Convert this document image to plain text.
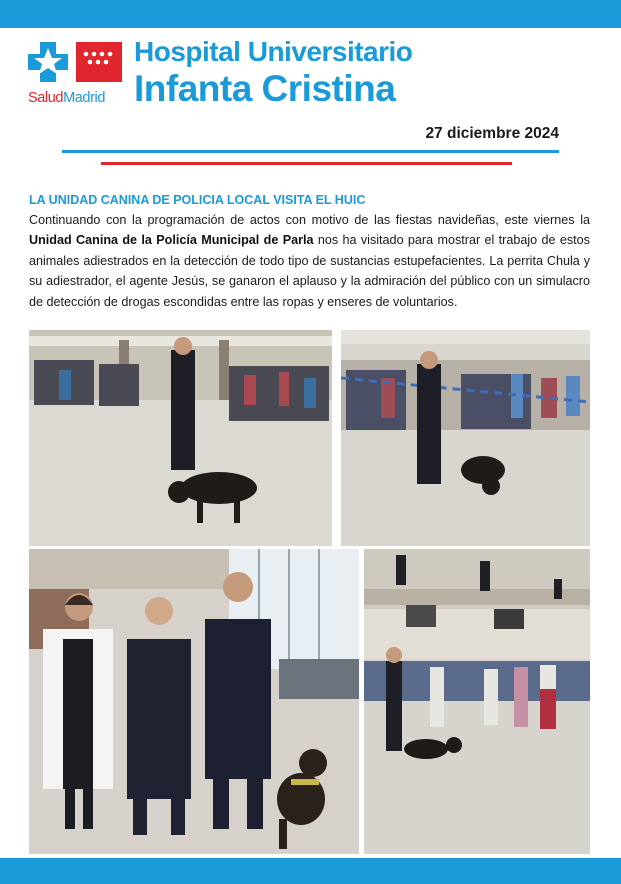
SaludMadrid
Hospital Universitario
Infanta Cristina
27 diciembre 2024
LA UNIDAD CANINA DE POLICIA LOCAL VISITA EL HUIC
Continuando con la programación de actos con motivo de las fiestas navideñas, este viernes la Unidad Canina de la Policía Municipal de Parla nos ha visitado para mostrar el trabajo de estos animales adiestrados en la detección de todo tipo de sustancias estupefacientes. La perrita Chula y su adiestrador, el agente Jesús, se ganaron el aplauso y la admiración del público con un simulacro de detección de drogas escondidas entre las ropas y enseres de voluntarios.
